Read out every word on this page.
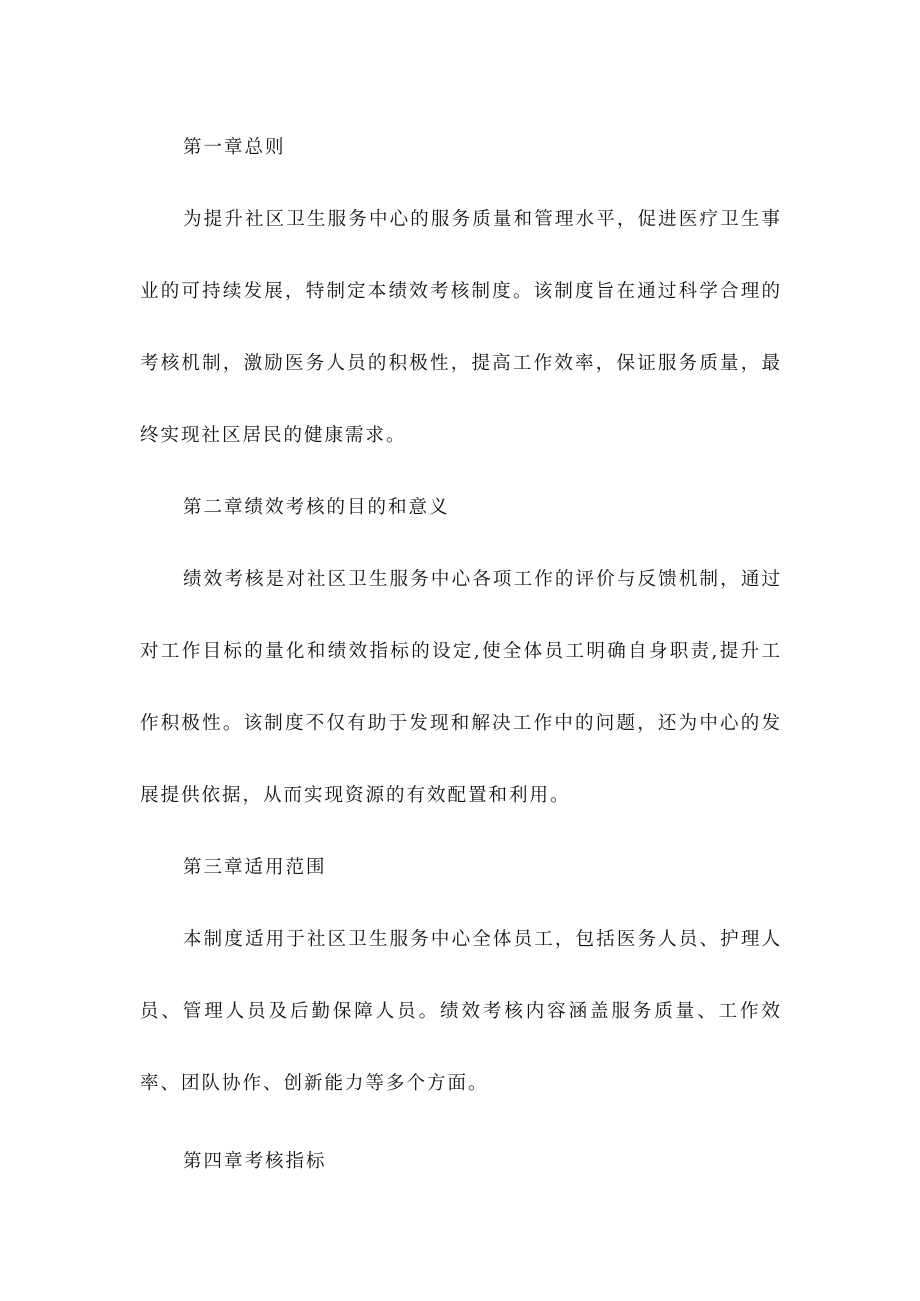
第一章总则

为提升社区卫生服务中心的服务质量和管理水平，促进医疗卫生事业的可持续发展，特制定本绩效考核制度。该制度旨在通过科学合理的考核机制，激励医务人员的积极性，提高工作效率，保证服务质量，最终实现社区居民的健康需求。

第二章绩效考核的目的和意义

绩效考核是对社区卫生服务中心各项工作的评价与反馈机制，通过对工作目标的量化和绩效指标的设定,使全体员工明确自身职责,提升工作积极性。该制度不仅有助于发现和解决工作中的问题，还为中心的发展提供依据，从而实现资源的有效配置和利用。

第三章适用范围

本制度适用于社区卫生服务中心全体员工，包括医务人员、护理人员、管理人员及后勤保障人员。绩效考核内容涵盖服务质量、工作效率、团队协作、创新能力等多个方面。

第四章考核指标
